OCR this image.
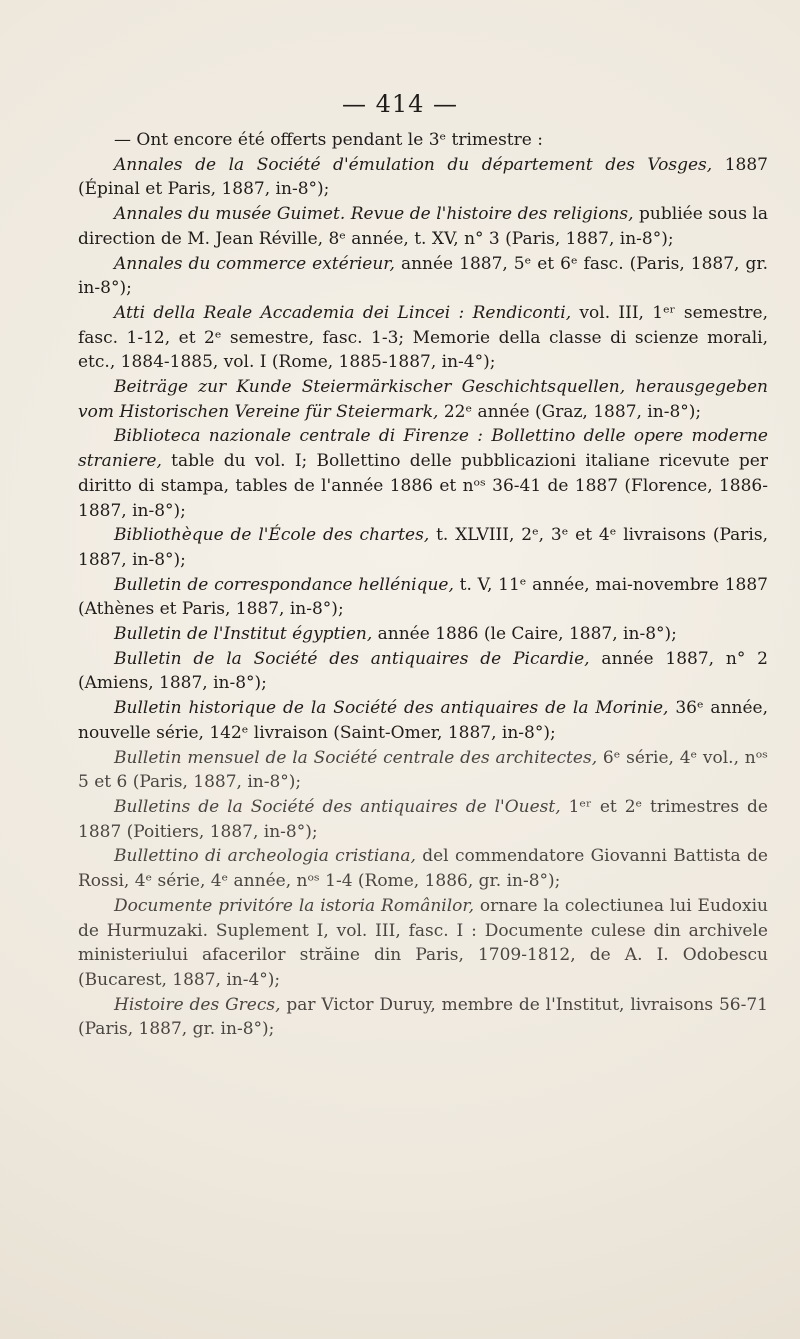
— 414 —

— Ont encore été offerts pendant le 3ᵉ trimestre :

Annales de la Société d'émulation du département des Vosges, 1887 (Épinal et Paris, 1887, in-8°);

Annales du musée Guimet. Revue de l'histoire des religions, publiée sous la direction de M. Jean Réville, 8ᵉ année, t. XV, n° 3 (Paris, 1887, in-8°);

Annales du commerce extérieur, année 1887, 5ᵉ et 6ᵉ fasc. (Paris, 1887, gr. in-8°);

Atti della Reale Accademia dei Lincei : Rendiconti, vol. III, 1ᵉʳ semestre, fasc. 1-12, et 2ᵉ semestre, fasc. 1-3; Memorie della classe di scienze morali, etc., 1884-1885, vol. I (Rome, 1885-1887, in-4°);

Beiträge zur Kunde Steiermärkischer Geschichtsquellen, herausgegeben vom Historischen Vereine für Steiermark, 22ᵉ année (Graz, 1887, in-8°);

Biblioteca nazionale centrale di Firenze : Bollettino delle opere moderne straniere, table du vol. I; Bollettino delle pubblicazioni italiane ricevute per diritto di stampa, tables de l'année 1886 et nᵒˢ 36-41 de 1887 (Florence, 1886-1887, in-8°);

Bibliothèque de l'École des chartes, t. XLVIII, 2ᵉ, 3ᵉ et 4ᵉ livraisons (Paris, 1887, in-8°);

Bulletin de correspondance hellénique, t. V, 11ᵉ année, mai-novembre 1887 (Athènes et Paris, 1887, in-8°);

Bulletin de l'Institut égyptien, année 1886 (le Caire, 1887, in-8°);

Bulletin de la Société des antiquaires de Picardie, année 1887, n° 2 (Amiens, 1887, in-8°);

Bulletin historique de la Société des antiquaires de la Morinie, 36ᵉ année, nouvelle série, 142ᵉ livraison (Saint-Omer, 1887, in-8°);

Bulletin mensuel de la Société centrale des architectes, 6ᵉ série, 4ᵉ vol., nᵒˢ 5 et 6 (Paris, 1887, in-8°);

Bulletins de la Société des antiquaires de l'Ouest, 1ᵉʳ et 2ᵉ trimestres de 1887 (Poitiers, 1887, in-8°);

Bullettino di archeologia cristiana, del commendatore Giovanni Battista de Rossi, 4ᵉ série, 4ᵉ année, nᵒˢ 1-4 (Rome, 1886, gr. in-8°);

Documente privitóre la istoria Românilor, ornare la colectiunea lui Eudoxiu de Hurmuzaki. Suplement I, vol. III, fasc. I : Documente culese din archivele ministeriului afacerilor străine din Paris, 1709-1812, de A. I. Odobescu (Bucarest, 1887, in-4°);

Histoire des Grecs, par Victor Duruy, membre de l'Institut, livraisons 56-71 (Paris, 1887, gr. in-8°);
